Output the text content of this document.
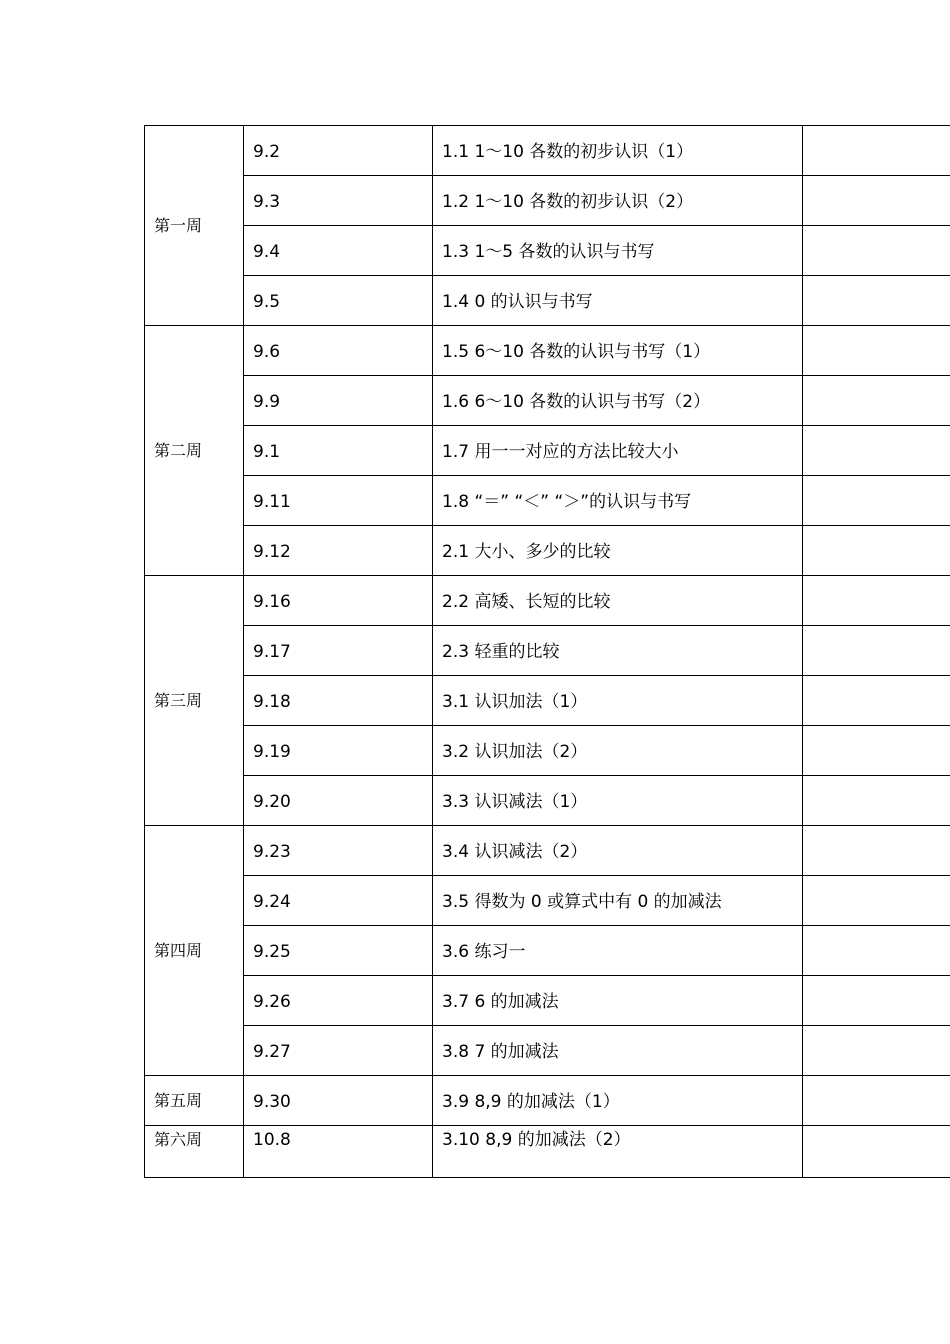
第一周	9.2	1.1 1～10 各数的初步认识（1）	
	9.3	1.2 1～10 各数的初步认识（2）	
	9.4	1.3 1～5 各数的认识与书写	
	9.5	1.4 0 的认识与书写	
第二周	9.6	1.5 6～10 各数的认识与书写（1）	
	9.9	1.6 6～10 各数的认识与书写（2）	
	9.1	1.7 用一一对应的方法比较大小	
	9.11	1.8 “＝” “＜” “＞”的认识与书写	
	9.12	2.1 大小、多少的比较	
第三周	9.16	2.2 高矮、长短的比较	
	9.17	2.3 轻重的比较	
	9.18	3.1 认识加法（1）	
	9.19	3.2 认识加法（2）	
	9.20	3.3 认识减法（1）	
第四周	9.23	3.4 认识减法（2）	
	9.24	3.5 得数为 0 或算式中有 0 的加减法	
	9.25	3.6 练习一	
	9.26	3.7 6 的加减法	
	9.27	3.8 7 的加减法	
第五周	9.30	3.9 8,9 的加减法（1）	
第六周	10.8	3.10 8,9 的加减法（2）	
